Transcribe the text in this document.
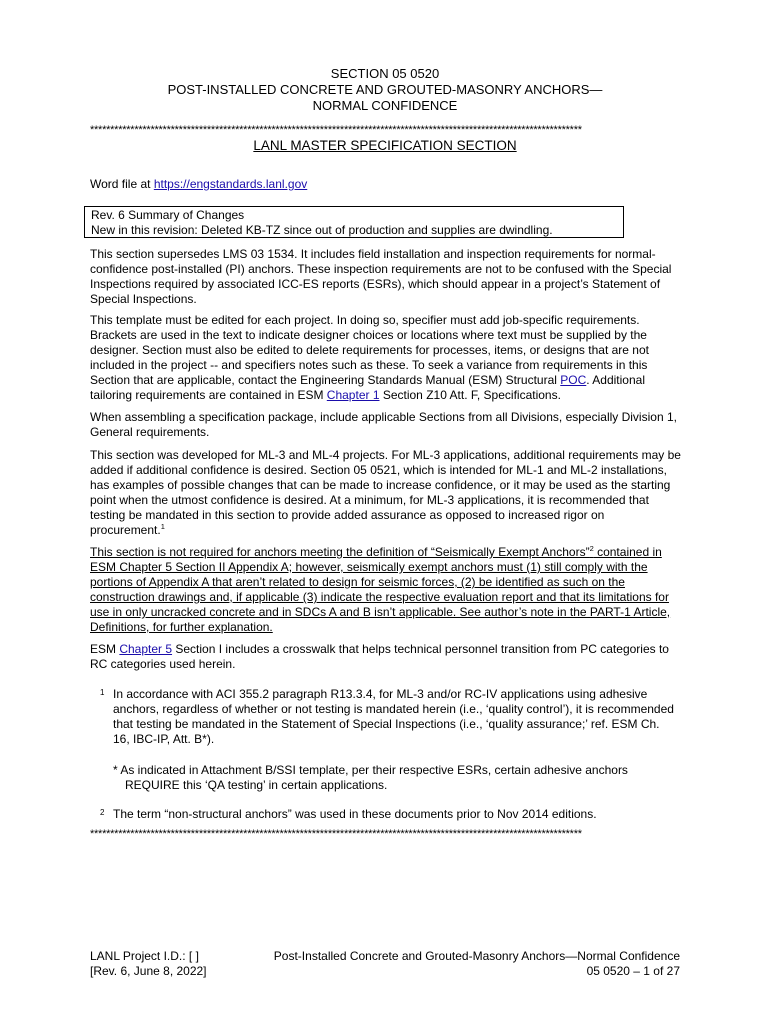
SECTION 05 0520
POST-INSTALLED CONCRETE AND GROUTED-MASONRY ANCHORS—
NORMAL CONFIDENCE
**************************************************************************************************************************
LANL MASTER SPECIFICATION SECTION
Word file at https://engstandards.lanl.gov
Rev. 6 Summary of Changes
New in this revision: Deleted KB-TZ since out of production and supplies are dwindling.
This section supersedes LMS 03 1534. It includes field installation and inspection requirements for normal-confidence post-installed (PI) anchors. These inspection requirements are not to be confused with the Special Inspections required by associated ICC-ES reports (ESRs), which should appear in a project’s Statement of Special Inspections.
This template must be edited for each project. In doing so, specifier must add job-specific requirements. Brackets are used in the text to indicate designer choices or locations where text must be supplied by the designer. Section must also be edited to delete requirements for processes, items, or designs that are not included in the project -- and specifiers notes such as these. To seek a variance from requirements in this Section that are applicable, contact the Engineering Standards Manual (ESM) Structural POC. Additional tailoring requirements are contained in ESM Chapter 1 Section Z10 Att. F, Specifications.
When assembling a specification package, include applicable Sections from all Divisions, especially Division 1, General requirements.
This section was developed for ML-3 and ML-4 projects. For ML-3 applications, additional requirements may be added if additional confidence is desired. Section 05 0521, which is intended for ML-1 and ML-2 installations, has examples of possible changes that can be made to increase confidence, or it may be used as the starting point when the utmost confidence is desired. At a minimum, for ML-3 applications, it is recommended that testing be mandated in this section to provide added assurance as opposed to increased rigor on procurement.$^1$
This section is not required for anchors meeting the definition of “Seismically Exempt Anchors”$^2$ contained in ESM Chapter 5 Section II Appendix A; however, seismically exempt anchors must (1) still comply with the portions of Appendix A that aren’t related to design for seismic forces, (2) be identified as such on the construction drawings and, if applicable (3) indicate the respective evaluation report and that its limitations for use in only uncracked concrete and in SDCs A and B isn’t applicable. See author’s note in the PART-1 Article, Definitions, for further explanation.
ESM Chapter 5 Section I includes a crosswalk that helps technical personnel transition from PC categories to RC categories used herein.
1 In accordance with ACI 355.2 paragraph R13.3.4, for ML-3 and/or RC-IV applications using adhesive anchors, regardless of whether or not testing is mandated herein (i.e., ‘quality control’), it is recommended that testing be mandated in the Statement of Special Inspections (i.e., ‘quality assurance;’ ref. ESM Ch. 16, IBC-IP, Att. B*).
* As indicated in Attachment B/SSI template, per their respective ESRs, certain adhesive anchors
REQUIRE this ‘QA testing’ in certain applications.
2 The term “non-structural anchors” was used in these documents prior to Nov 2014 editions.
**************************************************************************************************************************
LANL Project I.D.: [ ]
[Rev. 6, June 8, 2022]
Post-Installed Concrete and Grouted-Masonry Anchors—Normal Confidence
05 0520 – 1 of 27
